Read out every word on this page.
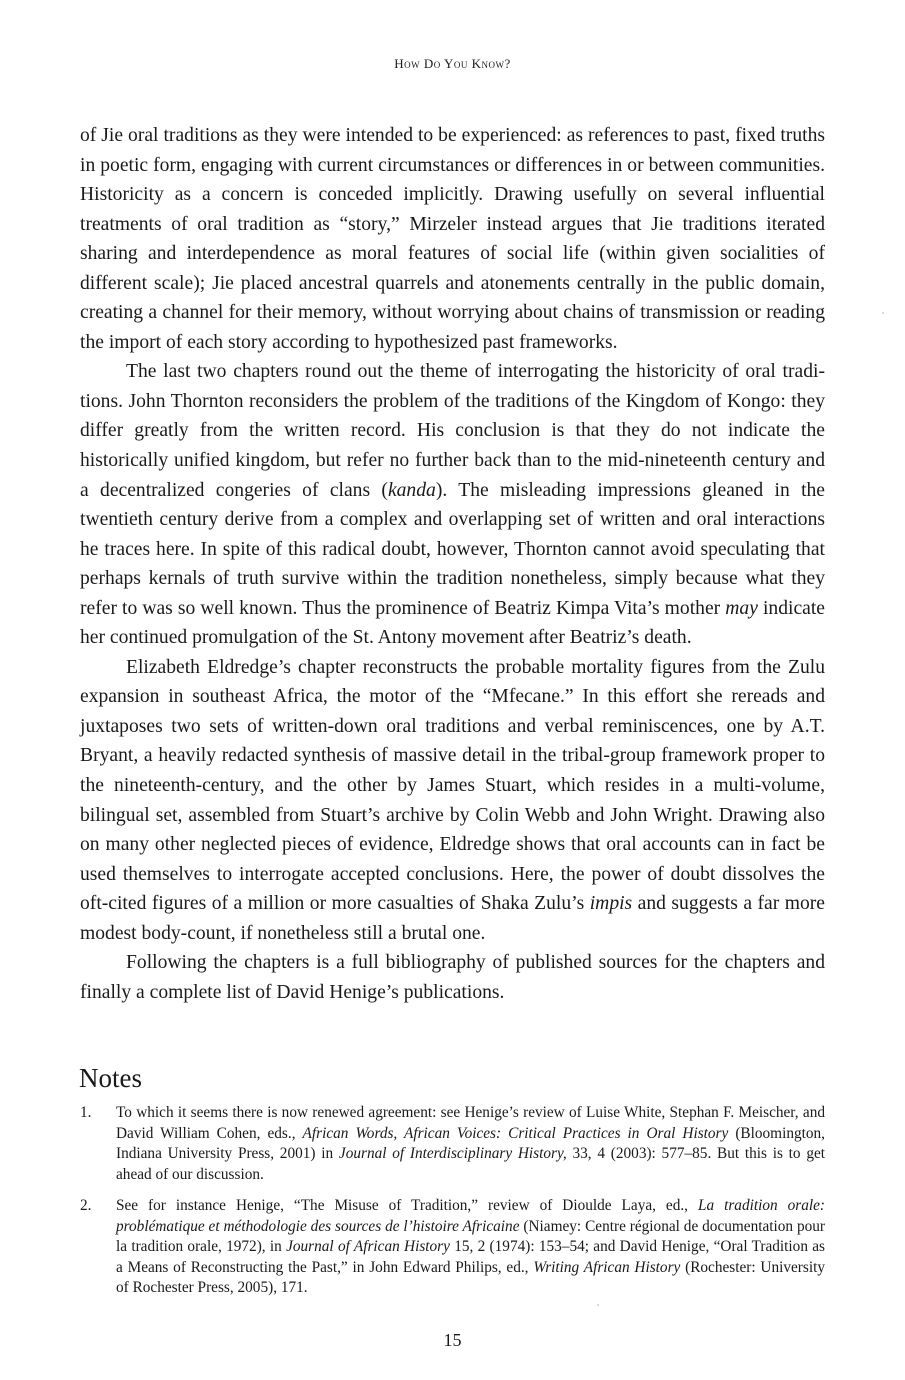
How Do You Know?

of Jie oral traditions as they were intended to be experienced: as references to past, fixed truths in poetic form, engaging with current circumstances or differences in or between communities. Historicity as a concern is conceded implicitly. Drawing usefully on several influential treatments of oral tradition as “story,” Mirzeler instead argues that Jie traditions iterated sharing and interdependence as moral features of social life (within given socialities of different scale); Jie placed ancestral quarrels and atonements centrally in the public domain, creating a channel for their memory, without worrying about chains of transmission or reading the import of each story according to hypothesized past frameworks.

The last two chapters round out the theme of interrogating the historicity of oral traditions. John Thornton reconsiders the problem of the traditions of the Kingdom of Kongo: they differ greatly from the written record. His conclusion is that they do not indicate the historically unified kingdom, but refer no further back than to the mid-nineteenth century and a decentralized congeries of clans (kanda). The misleading impressions gleaned in the twentieth century derive from a complex and overlapping set of written and oral interactions he traces here. In spite of this radical doubt, however, Thornton cannot avoid speculating that perhaps kernals of truth survive within the tradition nonetheless, simply because what they refer to was so well known. Thus the prominence of Beatriz Kimpa Vita’s mother may indicate her continued promulgation of the St. Antony movement after Beatriz’s death.

Elizabeth Eldredge’s chapter reconstructs the probable mortality figures from the Zulu expansion in southeast Africa, the motor of the “Mfecane.” In this effort she rereads and juxtaposes two sets of written-down oral traditions and verbal reminiscences, one by A.T. Bryant, a heavily redacted synthesis of massive detail in the tribal-group framework proper to the nineteenth-century, and the other by James Stuart, which resides in a multi-volume, bilingual set, assembled from Stuart’s archive by Colin Webb and John Wright. Drawing also on many other neglected pieces of evidence, Eldredge shows that oral accounts can in fact be used themselves to interrogate accepted conclusions. Here, the power of doubt dissolves the oft-cited figures of a million or more casualties of Shaka Zulu’s impis and suggests a far more modest body-count, if nonetheless still a brutal one.

Following the chapters is a full bibliography of published sources for the chapters and finally a complete list of David Henige’s publications.

Notes
1. To which it seems there is now renewed agreement: see Henige’s review of Luise White, Stephan F. Meischer, and David William Cohen, eds., African Words, African Voices: Critical Practices in Oral History (Bloomington, Indiana University Press, 2001) in Journal of Interdisciplinary History, 33, 4 (2003): 577–85. But this is to get ahead of our discussion.
2. See for instance Henige, “The Misuse of Tradition,” review of Dioulde Laya, ed., La tradition orale: problématique et méthodologie des sources de l’histoire Africaine (Niamey: Centre régional de documentation pour la tradition orale, 1972), in Journal of African History 15, 2 (1974): 153–54; and David Henige, “Oral Tradition as a Means of Reconstructing the Past,” in John Edward Philips, ed., Writing African History (Rochester: University of Rochester Press, 2005), 171.
15
